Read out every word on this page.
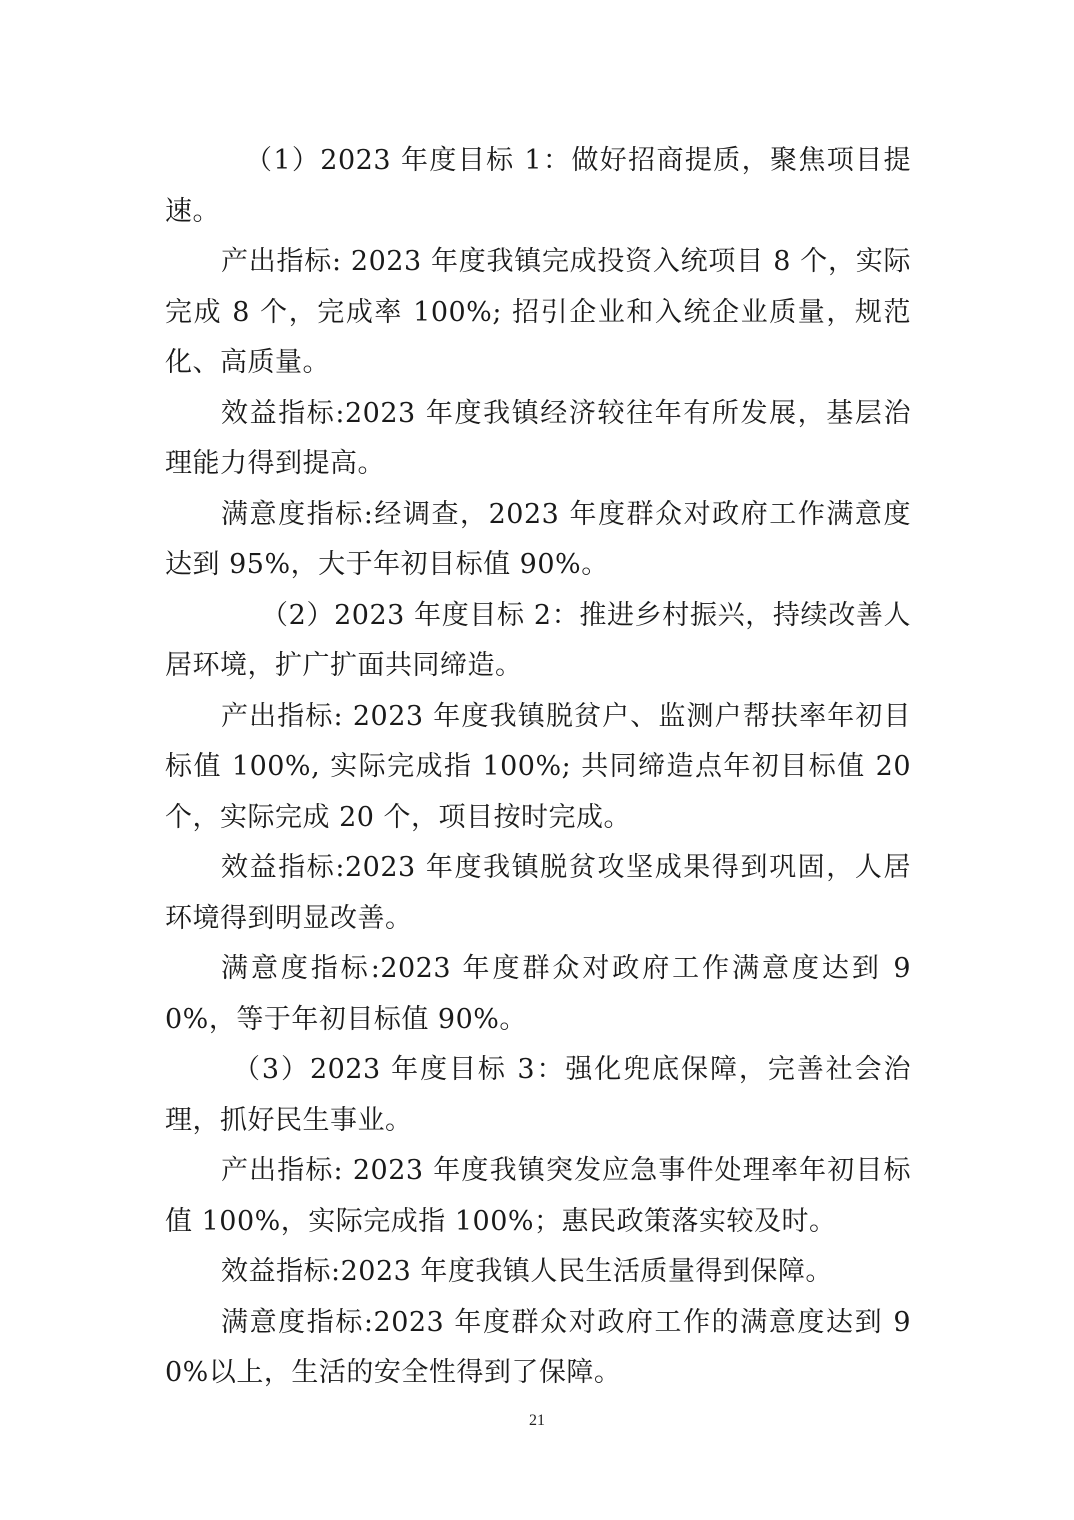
（1）2023 年度目标 1：做好招商提质，聚焦项目提速。

产出指标: 2023 年度我镇完成投资入统项目 8 个，实际完成 8 个，完成率 100%; 招引企业和入统企业质量，规范化、高质量。

效益指标:2023 年度我镇经济较往年有所发展，基层治理能力得到提高。

满意度指标:经调查，2023 年度群众对政府工作满意度达到 95%，大于年初目标值 90%。

（2）2023 年度目标 2：推进乡村振兴，持续改善人居环境，扩广扩面共同缔造。

产出指标: 2023 年度我镇脱贫户、监测户帮扶率年初目标值 100%, 实际完成指 100%; 共同缔造点年初目标值 20 个，实际完成 20 个，项目按时完成。

效益指标:2023 年度我镇脱贫攻坚成果得到巩固，人居环境得到明显改善。

满意度指标:2023 年度群众对政府工作满意度达到 90%，等于年初目标值 90%。

（3）2023 年度目标 3：强化兜底保障，完善社会治理，抓好民生事业。

产出指标: 2023 年度我镇突发应急事件处理率年初目标值 100%，实际完成指 100%；惠民政策落实较及时。

效益指标:2023 年度我镇人民生活质量得到保障。

满意度指标:2023 年度群众对政府工作的满意度达到 90%以上，生活的安全性得到了保障。

21
